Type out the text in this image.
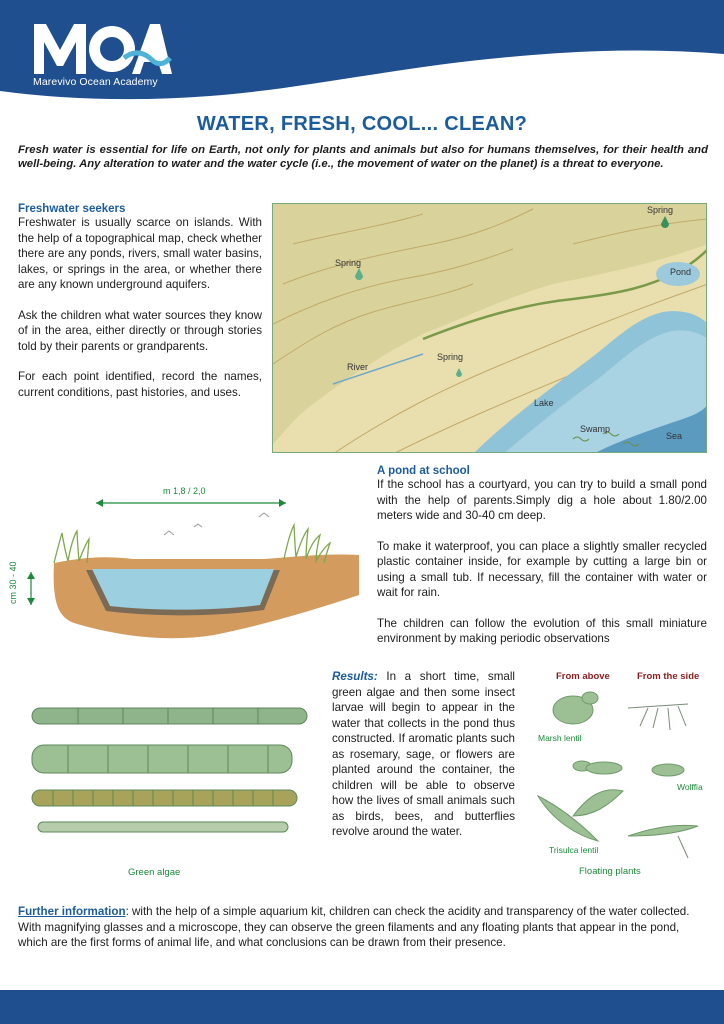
Marevivo Ocean Academy
WATER, FRESH, COOL... CLEAN?
Fresh water is essential for life on Earth, not only for plants and animals but also for humans themselves, for their health and well-being. Any alteration to water and the water cycle (i.e., the movement of water on the planet) is a threat to everyone.
Freshwater seekers

Freshwater is usually scarce on islands. With the help of a topographical map, check whether there are any ponds, rivers, small water basins, lakes, or springs in the area, or whether there are any known underground aquifers.

Ask the children what water sources they know of in the area, either directly or through stories told by their parents or grandparents.

For each point identified, record the names, current conditions, past histories, and uses.

Spring
Spring
Pond
Spring
River
Lake
Swamp
Sea
m 1,8 / 2,0
cm 30 - 40
A pond at school

If the school has a courtyard, you can try to build a small pond with the help of parents.Simply dig a hole about 1.80/2.00 meters wide and 30-40 cm deep.

To make it waterproof, you can place a slightly smaller recycled plastic container inside, for example by cutting a large bin or using a small tub. If necessary, fill the container with water or wait for rain.

The children can follow the evolution of this small miniature environment by making periodic observations

Green algae
Results: In a short time, small green algae and then some insect larvae will begin to appear in the water that collects in the pond thus constructed. If aromatic plants such as rosemary, sage, or flowers are planted around the container, the children will be able to observe how the lives of small animals such as birds, bees, and butterflies revolve around the water.
From above	From the side
Marsh lentil
Wolffia
Trisulca lentil
Floating plants
Further information: with the help of a simple aquarium kit, children can check the acidity and transparency of the water collected. With magnifying glasses and a microscope, they can observe the green filaments and any floating plants that appear in the pond, which are the first forms of animal life, and what conclusions can be drawn from their presence.
